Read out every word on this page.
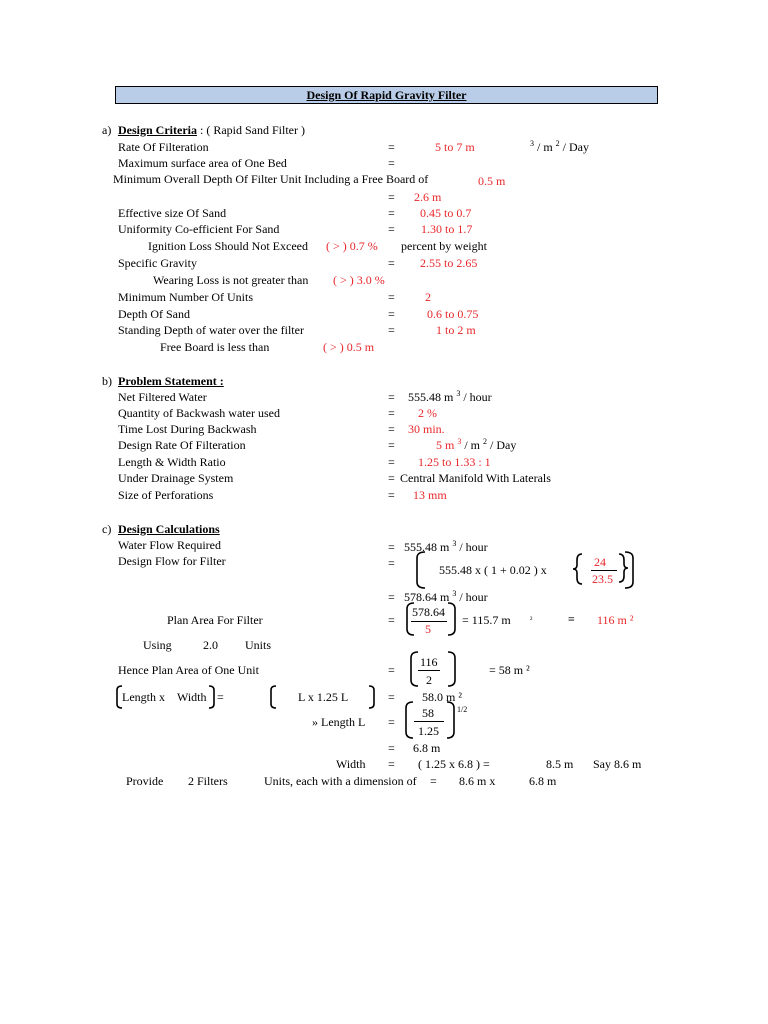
Design Of Rapid Gravity Filter
a) Design Criteria : ( Rapid Sand Filter )
Rate Of Filteration	=	5 to 7 m	$^3$ / m $^2$ / Day
Maximum surface area of One Bed	=
Minimum Overall Depth Of Filter Unit Including a Free Board of	0.5 m
= 2.6 m
Effective size Of Sand	= 0.45 to 0.7
Uniformity Co-efficient For Sand	= 1.30 to 1.7
Ignition Loss Should Not Exceed ( > ) 0.7 % percent by weight
Specific Gravity	= 2.55 to 2.65
Wearing Loss is not greater than ( > ) 3.0 %
Minimum Number Of Units	=	2
Depth Of Sand	=	0.6 to 0.75
Standing Depth of water over the filter	=	1 to 2 m
Free Board is less than	( > ) 0.5 m
b) Problem Statement :
Net Filtered Water	= 555.48 m $^3$ / hour
Quantity of Backwash water used	= 2 %
Time Lost During Backwash	= 30 min.
Design Rate Of Filteration	=	5 m $^3$ / m $^2$ / Day
Length & Width Ratio	= 1.25 to 1.33 : 1
Under Drainage System	= Central Manifold With Laterals
Size of Perforations	= 13 mm
c) Design Calculations
Water Flow Required	= 555.48 m $^3$ / hour
Design Flow for Filter	=	555.48 x ( 1 + 0.02 ) x
24
23.5
= 578.64 m $^3$ / hour
Plan Area For Filter	=
578.64
5
= 115.7 m ²	≡ 116 m ²
Using	2.0 Units
Hence Plan Area of One Unit	=
116
2
= 58 m ²
Length x Width =	L x 1.25 L	= 58.0 m ²
» Length L =
58
1.25
1/2
= 6.8 m
Width = ( 1.25 x 6.8 ) =	8.5 m Say 8.6 m
Provide 2 Filters	Units, each with a dimension of = 8.6 m x	6.8 m
